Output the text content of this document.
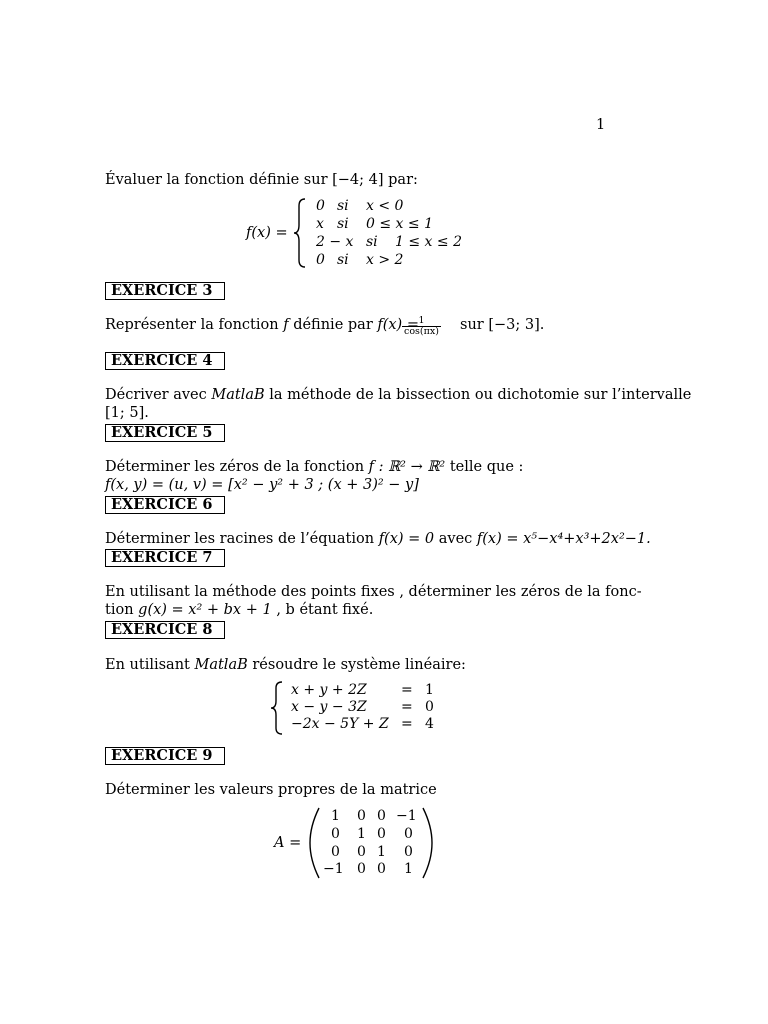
1
Évaluer la fonction définie sur [−4; 4] par:
f(x) =
0 si x < 0
x si 0 ≤ x ≤ 1
2 − x si 1 ≤ x ≤ 2
0 si x > 2
EXERCICE 3
Représenter la fonction f définie par f(x) =
$\frac{1}{\cos(\pi x)}$ sur [−3; 3].
EXERCICE 4
Décriver avec MatlaB la méthode de la bissection ou dichotomie sur l’intervalle
[1; 5].
EXERCICE 5
Déterminer les zéros de la fonction f : ℝ² → ℝ² telle que :
f(x, y) = (u, v) = [x² − y² + 3 ; (x + 3)² − y]
EXERCICE 6
Déterminer les racines de l’équation f(x) = 0 avec f(x) = x⁵−x⁴+x³+2x²−1.
EXERCICE 7
En utilisant la méthode des points fixes , déterminer les zéros de la fonc-
tion g(x) = x² + bx + 1 , b étant fixé.
EXERCICE 8
En utilisant MatlaB résoudre le système linéaire:
x + y + 2Z = 1
x − y − 3Z = 0
−2x − 5Y + Z = 4
EXERCICE 9
Déterminer les valeurs propres de la matrice
A =
1 0 0 −1
0 1 0 0
0 0 1 0
−1 0 0 1
